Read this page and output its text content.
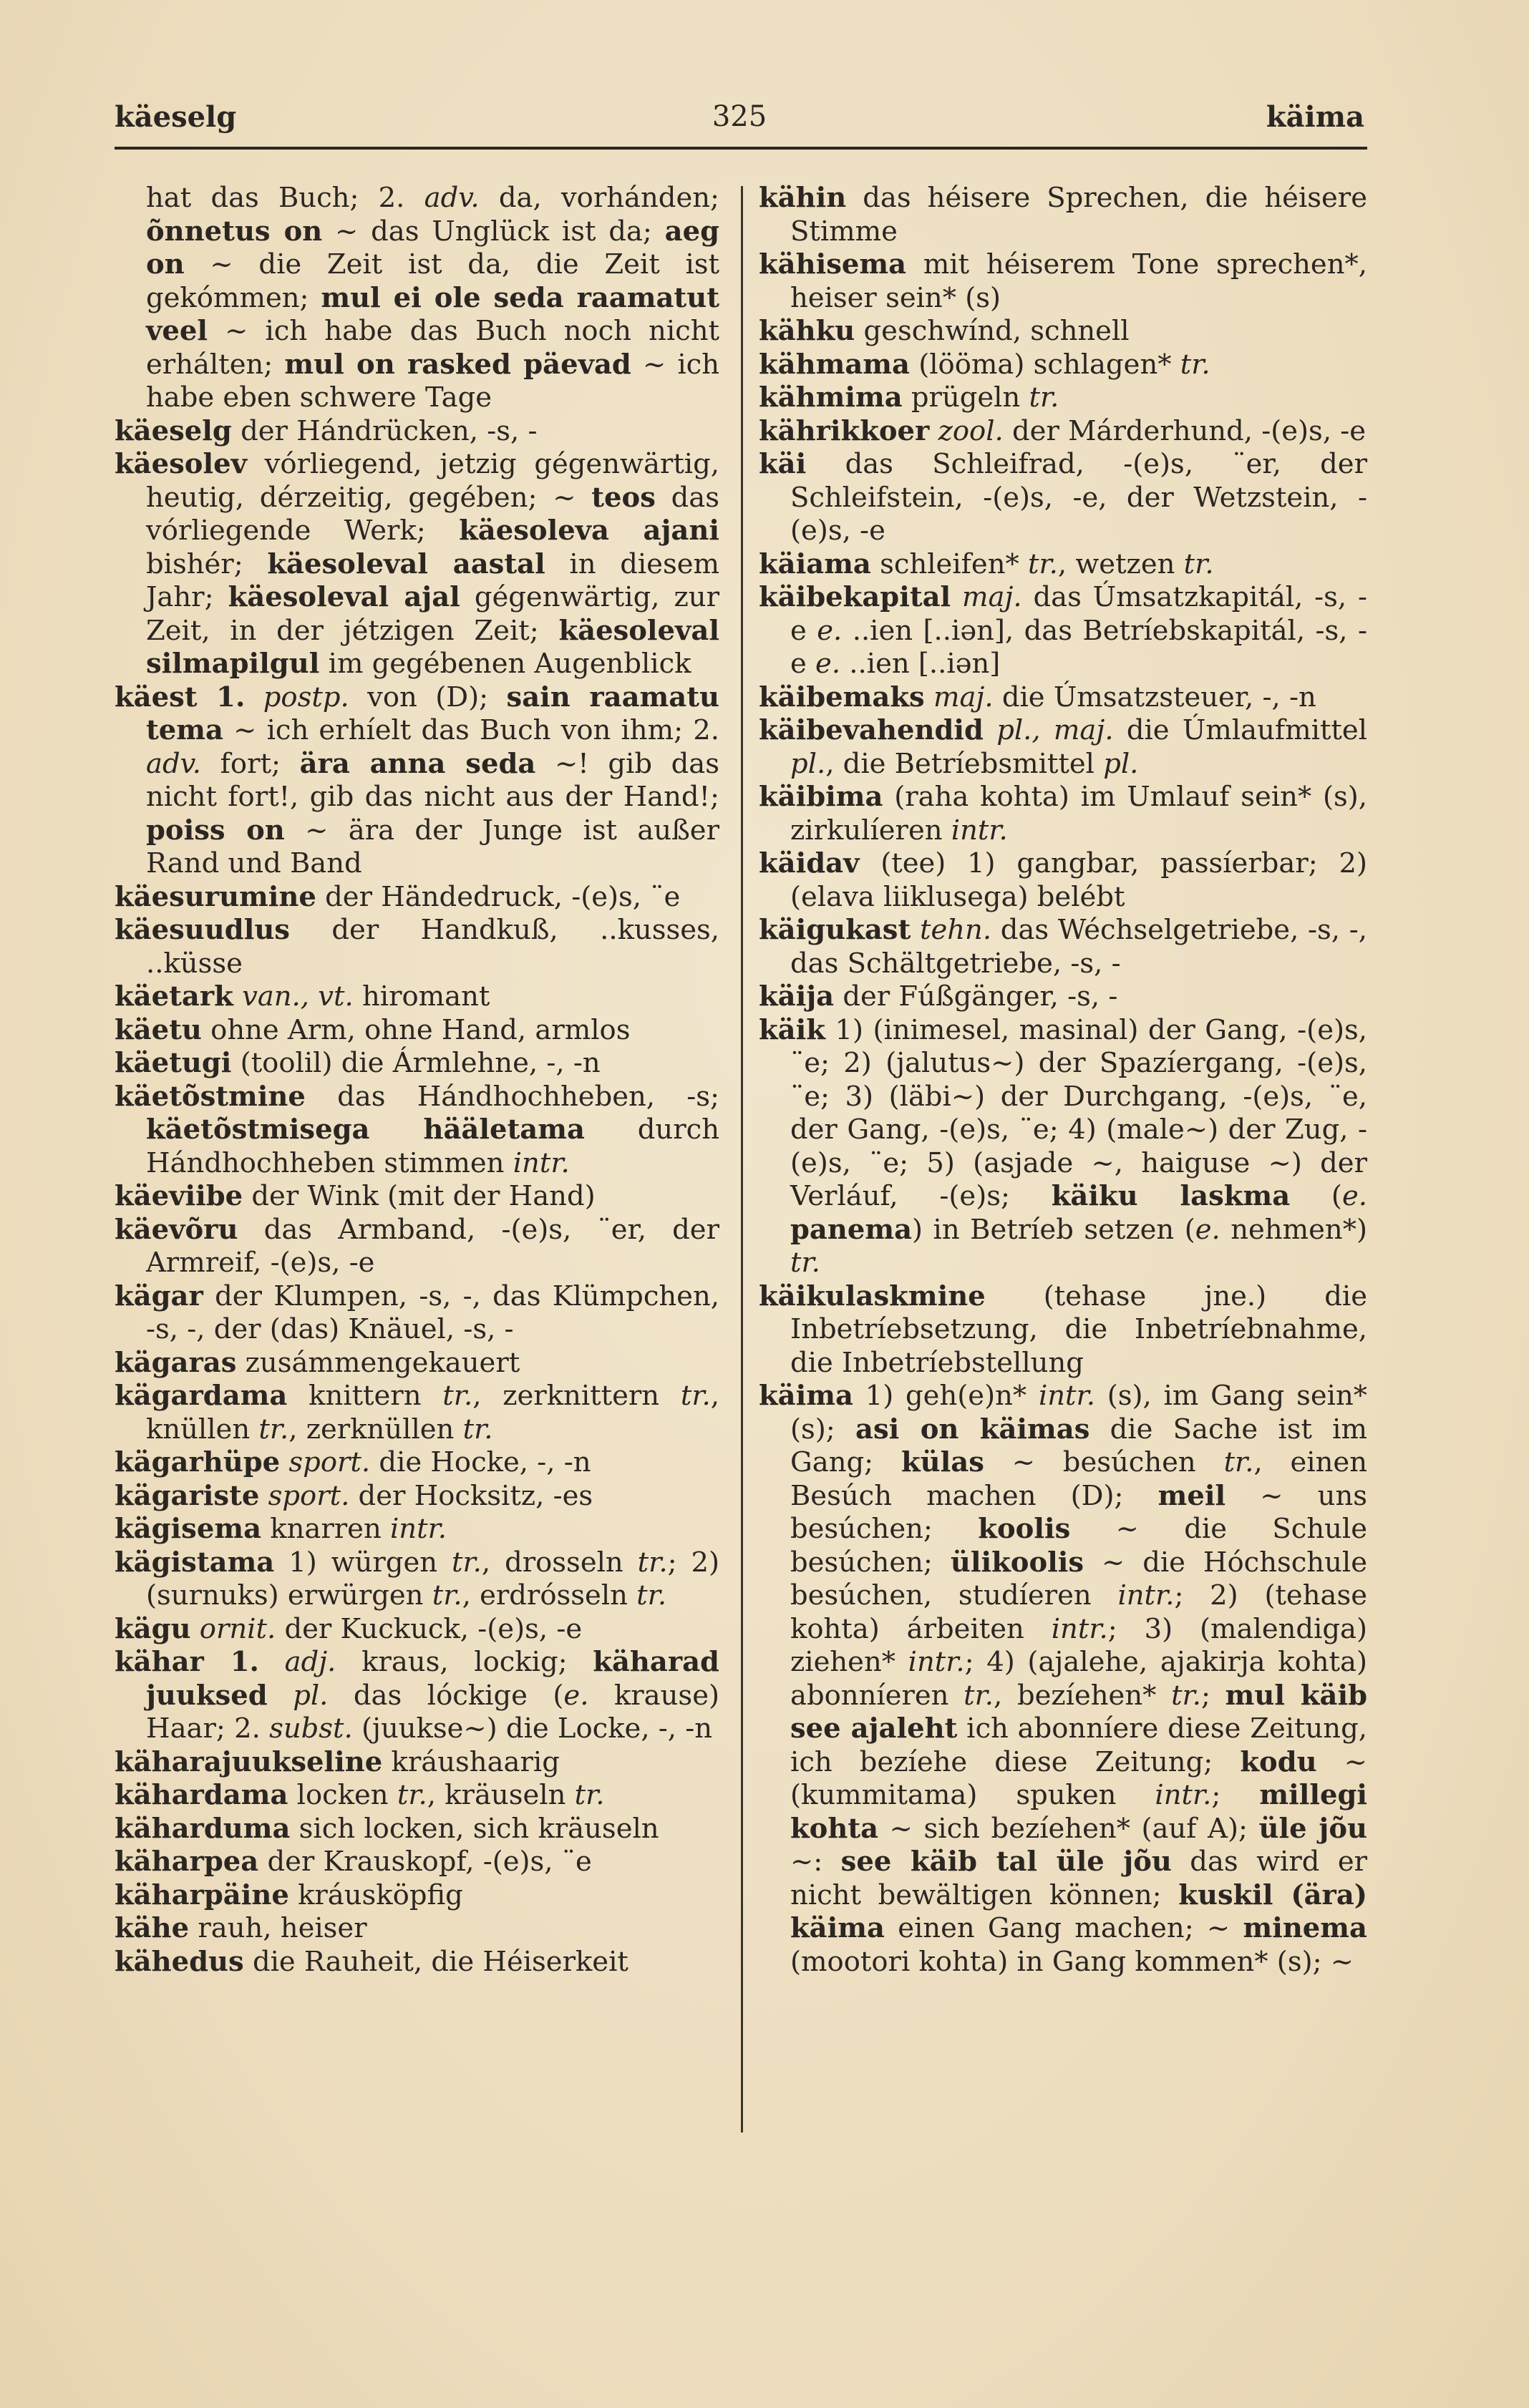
käeselg	325	käima

hat das Buch; 2. adv. da, vorhánden; õnnetus on ~ das Unglück ist da; aeg on ~ die Zeit ist da, die Zeit ist gekómmen; mul ei ole seda raamatut veel ~ ich habe das Buch noch nicht erhálten; mul on rasked päevad ~ ich habe eben schwere Tage

käeselg der Hándrücken, -s, -

käesolev vórliegend, jetzig gégenwärtig, heutig, dérzeitig, gegében; ~ teos das vórliegende Werk; käesoleva ajani bishér; käesoleval aastal in diesem Jahr; käesoleval ajal gégenwärtig, zur Zeit, in der jétzigen Zeit; käesoleval silmapilgul im gegébenen Augenblick

käest 1. postp. von (D); sain raamatu tema ~ ich erhíelt das Buch von ihm; 2. adv. fort; ära anna seda ~! gib das nicht fort!, gib das nicht aus der Hand!; poiss on ~ ära der Junge ist außer Rand und Band

käesurumine der Händedruck, -(e)s, ¨e

käesuudlus der Handkuß, ..kusses, ..küsse

käetark van., vt. hiromant

käetu ohne Arm, ohne Hand, armlos

käetugi (toolil) die Ármlehne, -, -n

käetõstmine das Hándhochheben, -s; käetõstmisega hääletama durch Hándhochheben stimmen intr.

käeviibe der Wink (mit der Hand)

käevõru das Armband, -(e)s, ¨er, der Armreif, -(e)s, -e

kägar der Klumpen, -s, -, das Klümpchen, -s, -, der (das) Knäuel, -s, -

kägaras zusámmengekauert

kägardama knittern tr., zerknittern tr., knüllen tr., zerknüllen tr.

kägarhüpe sport. die Hocke, -, -n

kägariste sport. der Hocksitz, -es

kägisema knarren intr.

kägistama 1) würgen tr., drosseln tr.; 2) (surnuks) erwürgen tr., erdrósseln tr.

kägu ornit. der Kuckuck, -(e)s, -e

kähar 1. adj. kraus, lockig; käharad juuksed pl. das lóckige (e. krause) Haar; 2. subst. (juukse~) die Locke, -, -n

käharajuukseline kráushaarig

kähardama locken tr., kräuseln tr.

käharduma sich locken, sich kräuseln

käharpea der Krauskopf, -(e)s, ¨e

käharpäine kráusköpfig

kähe rauh, heiser

kähedus die Rauheit, die Héiserkeit

kähin das héisere Sprechen, die héisere Stimme

kähisema mit héiserem Tone sprechen*, heiser sein* (s)

kähku geschwínd, schnell

kähmama (lööma) schlagen* tr.

kähmima prügeln tr.

kährikkoer zool. der Márderhund, -(e)s, -e

käi das Schleifrad, -(e)s, ¨er, der Schleifstein, -(e)s, -e, der Wetzstein, -(e)s, -e

käiama schleifen* tr., wetzen tr.

käibekapital maj. das Úmsatzkapitál, -s, -e e. ..ien [..iən], das Betríebskapitál, -s, -e e. ..ien [..iən]

käibemaks maj. die Úmsatzsteuer, -, -n

käibevahendid pl., maj. die Úmlaufmittel pl., die Betríebsmittel pl.

käibima (raha kohta) im Umlauf sein* (s), zirkulíeren intr.

käidav (tee) 1) gangbar, passíerbar; 2) (elava liiklusega) belébt

käigukast tehn. das Wéchselgetriebe, -s, -, das Schältgetriebe, -s, -

käija der Fúßgänger, -s, -

käik 1) (inimesel, masinal) der Gang, -(e)s, ¨e; 2) (jalutus~) der Spazíergang, -(e)s, ¨e; 3) (läbi~) der Durchgang, -(e)s, ¨e, der Gang, -(e)s, ¨e; 4) (male~) der Zug, -(e)s, ¨e; 5) (asjade ~, haiguse ~) der Verláuf, -(e)s; käiku laskma (e. panema) in Betríeb setzen (e. nehmen*) tr.

käikulaskmine (tehase jne.) die Inbetríebsetzung, die Inbetríebnahme, die Inbetríebstellung

käima 1) geh(e)n* intr. (s), im Gang sein* (s); asi on käimas die Sache ist im Gang; külas ~ besúchen tr., einen Besúch machen (D); meil ~ uns besúchen; koolis ~ die Schule besúchen; ülikoolis ~ die Hóchschule besúchen, studíeren intr.; 2) (tehase kohta) árbeiten intr.; 3) (malendiga) ziehen* intr.; 4) (ajalehe, ajakirja kohta) abonníeren tr., bezíehen* tr.; mul käib see ajaleht ich abonníere diese Zeitung, ich bezíehe diese Zeitung; kodu ~ (kummitama) spuken intr.; millegi kohta ~ sich bezíehen* (auf A); üle jõu ~: see käib tal üle jõu das wird er nicht bewältigen können; kuskil (ära) käima einen Gang machen; ~ minema (mootori kohta) in Gang kommen* (s); ~
